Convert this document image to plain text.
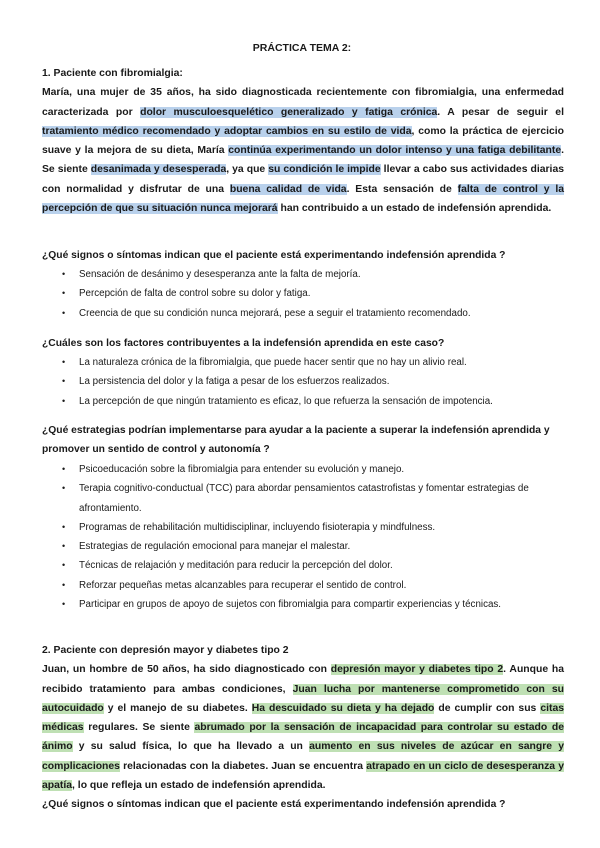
PRÁCTICA TEMA 2:
1. Paciente con fibromialgia:
María, una mujer de 35 años, ha sido diagnosticada recientemente con fibromialgia, una enfermedad caracterizada por dolor musculoesquelético generalizado y fatiga crónica. A pesar de seguir el tratamiento médico recomendado y adoptar cambios en su estilo de vida, como la práctica de ejercicio suave y la mejora de su dieta, María continúa experimentando un dolor intenso y una fatiga debilitante. Se siente desanimada y desesperada, ya que su condición le impide llevar a cabo sus actividades diarias con normalidad y disfrutar de una buena calidad de vida. Esta sensación de falta de control y la percepción de que su situación nunca mejorará han contribuido a un estado de indefensión aprendida.
¿Qué signos o síntomas indican que el paciente está experimentando indefensión aprendida ?
• Sensación de desánimo y desesperanza ante la falta de mejoría.
• Percepción de falta de control sobre su dolor y fatiga.
• Creencia de que su condición nunca mejorará, pese a seguir el tratamiento recomendado.
¿Cuáles son los factores contribuyentes a la indefensión aprendida en este caso?
• La naturaleza crónica de la fibromialgia, que puede hacer sentir que no hay un alivio real.
• La persistencia del dolor y la fatiga a pesar de los esfuerzos realizados.
• La percepción de que ningún tratamiento es eficaz, lo que refuerza la sensación de impotencia.
¿Qué estrategias podrían implementarse para ayudar a la paciente a superar la indefensión aprendida y promover un sentido de control y autonomía ?
• Psicoeducación sobre la fibromialgia para entender su evolución y manejo.
• Terapia cognitivo-conductual (TCC) para abordar pensamientos catastrofistas y fomentar estrategias de afrontamiento.
• Programas de rehabilitación multidisciplinar, incluyendo fisioterapia y mindfulness.
• Estrategias de regulación emocional para manejar el malestar.
• Técnicas de relajación y meditación para reducir la percepción del dolor.
• Reforzar pequeñas metas alcanzables para recuperar el sentido de control.
• Participar en grupos de apoyo de sujetos con fibromialgia para compartir experiencias y técnicas.
2. Paciente con depresión mayor y diabetes tipo 2
Juan, un hombre de 50 años, ha sido diagnosticado con depresión mayor y diabetes tipo 2. Aunque ha recibido tratamiento para ambas condiciones, Juan lucha por mantenerse comprometido con su autocuidado y el manejo de su diabetes. Ha descuidado su dieta y ha dejado de cumplir con sus citas médicas regulares. Se siente abrumado por la sensación de incapacidad para controlar su estado de ánimo y su salud física, lo que ha llevado a un aumento en sus niveles de azúcar en sangre y complicaciones relacionadas con la diabetes. Juan se encuentra atrapado en un ciclo de desesperanza y apatía, lo que refleja un estado de indefensión aprendida.
¿Qué signos o síntomas indican que el paciente está experimentando indefensión aprendida ?
